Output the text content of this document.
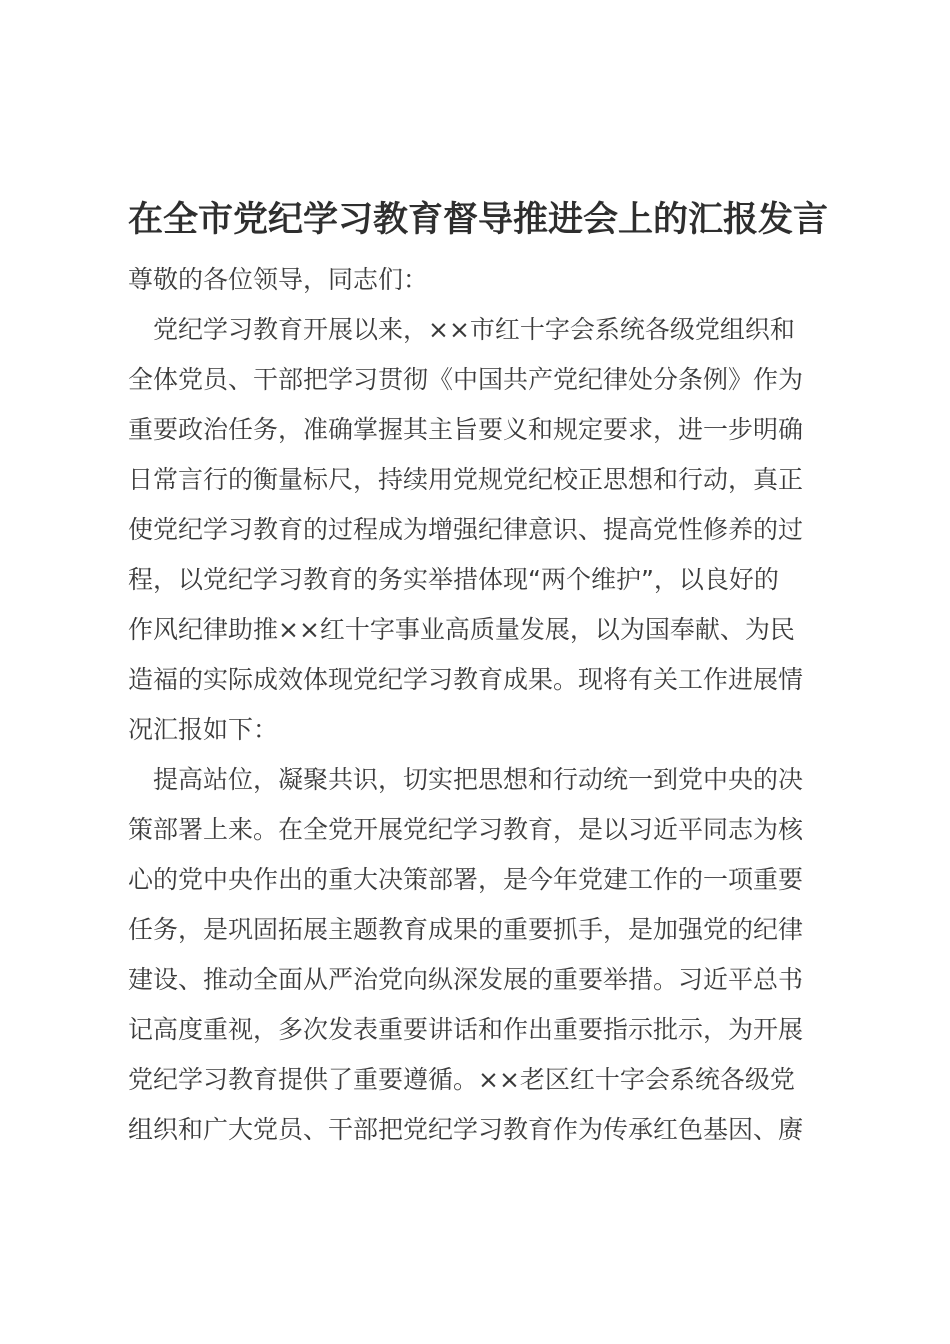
在全市党纪学习教育督导推进会上的汇报发言
尊敬的各位领导，同志们：
　党纪学习教育开展以来，××市红十字会系统各级党组织和
全体党员、干部把学习贯彻《中国共产党纪律处分条例》作为
重要政治任务，准确掌握其主旨要义和规定要求，进一步明确
日常言行的衡量标尺，持续用党规党纪校正思想和行动，真正
使党纪学习教育的过程成为增强纪律意识、提高党性修养的过
程，以党纪学习教育的务实举措体现“两个维护”，以良好的
作风纪律助推××红十字事业高质量发展，以为国奉献、为民
造福的实际成效体现党纪学习教育成果。现将有关工作进展情
况汇报如下：
　提高站位，凝聚共识，切实把思想和行动统一到党中央的决
策部署上来。在全党开展党纪学习教育，是以习近平同志为核
心的党中央作出的重大决策部署，是今年党建工作的一项重要
任务，是巩固拓展主题教育成果的重要抓手，是加强党的纪律
建设、推动全面从严治党向纵深发展的重要举措。习近平总书
记高度重视，多次发表重要讲话和作出重要指示批示，为开展
党纪学习教育提供了重要遵循。××老区红十字会系统各级党
组织和广大党员、干部把党纪学习教育作为传承红色基因、赓
